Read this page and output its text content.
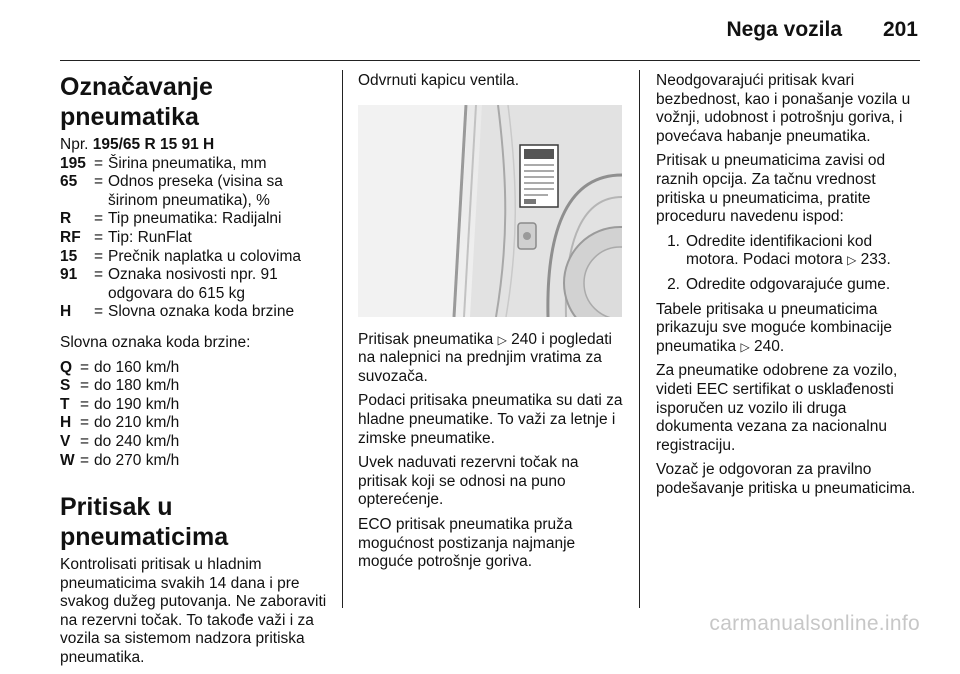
Nega vozila 201
Označavanje pneumatika
Npr. 195/65 R 15 91 H
195 = Širina pneumatika, mm
65	= Odnos preseka (visina sa širinom pneumatika), %
R	= Tip pneumatika: Radijalni
RF = Tip: RunFlat
15	= Prečnik naplatka u colovima
91	= Oznaka nosivosti npr. 91 odgovara do 615 kg
H	= Slovna oznaka koda brzine

Slovna oznaka koda brzine:

Q = do 160 km/h
S = do 180 km/h
T = do 190 km/h
H = do 210 km/h
V = do 240 km/h
W = do 270 km/h
Pritisak u pneumaticima

Kontrolisati pritisak u hladnim pneumaticima svakih 14 dana i pre svakog dužeg putovanja. Ne zaboraviti na rezervni točak. To takođe važi i za vozila sa sistemom nadzora pritiska pneumatika.

Odvrnuti kapicu ventila.

Pritisak pneumatika ▷ 240 i pogledati na nalepnici na prednjim vratima za suvozača.

Podaci pritisaka pneumatika su dati za hladne pneumatike. To važi za letnje i zimske pneumatike.

Uvek naduvati rezervni točak na pritisak koji se odnosi na puno opterećenje.

ECO pritisak pneumatika pruža mogućnost postizanja najmanje moguće potrošnje goriva.

Neodgovarajući pritisak kvari bezbednost, kao i ponašanje vozila u vožnji, udobnost i potrošnju goriva, i povećava habanje pneumatika.

Pritisak u pneumaticima zavisi od raznih opcija. Za tačnu vrednost pritiska u pneumaticima, pratite proceduru navedenu ispod:

1. Odredite identifikacioni kod motora. Podaci motora ▷ 233.
2. Odredite odgovarajuće gume.

Tabele pritisaka u pneumaticima prikazuju sve moguće kombinacije pneumatika ▷ 240.

Za pneumatike odobrene za vozilo, videti EEC sertifikat o usklađenosti isporučen uz vozilo ili druga dokumenta vezana za nacionalnu registraciju.

Vozač je odgovoran za pravilno podešavanje pritiska u pneumaticima.

carmanualsonline.info
